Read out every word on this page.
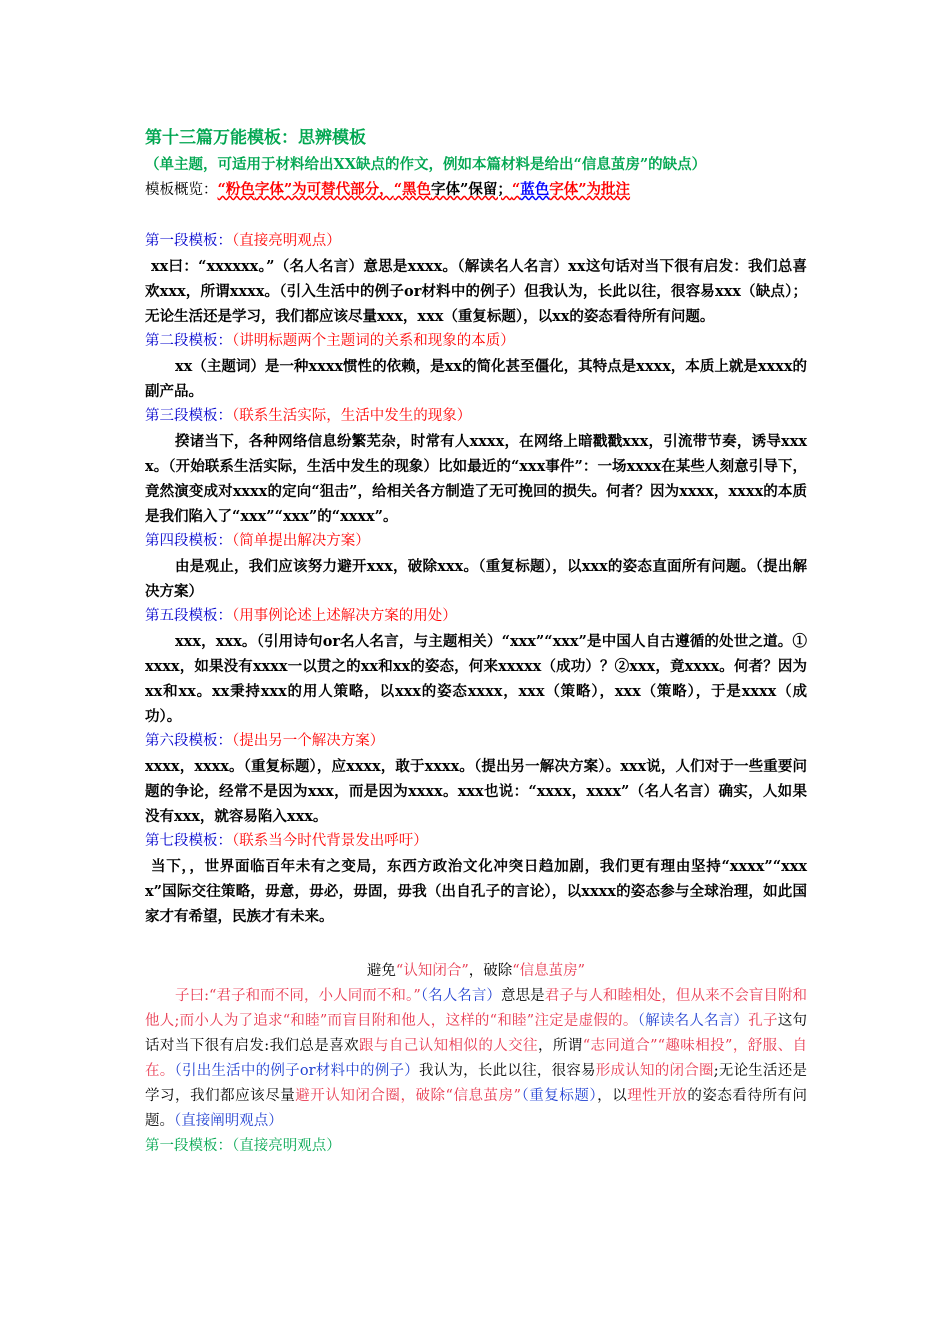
第十三篇万能模板：思辨模板

（单主题，可适用于材料给出XX缺点的作文，例如本篇材料是给出“信息茧房”的缺点）

模板概览：“粉色字体”为可替代部分，“黑色字体”保留；“蓝色字体”为批注

第一段模板：（直接亮明观点）

xx曰：“xxxxxx。”（名人名言）意思是xxxx。（解读名人名言）xx这句话对当下很有启发：我们总喜欢xxx，所谓xxxx。（引入生活中的例子or材料中的例子）但我认为，长此以往，很容易xxx（缺点）；无论生活还是学习，我们都应该尽量xxx，xxx（重复标题），以xx的姿态看待所有问题。

第二段模板：（讲明标题两个主题词的关系和现象的本质）

xx（主题词）是一种xxxx惯性的依赖，是xx的简化甚至僵化，其特点是xxxx，本质上就是xxxx的副产品。

第三段模板：（联系生活实际，生活中发生的现象）

揆诸当下，各种网络信息纷繁芜杂，时常有人xxxx，在网络上暗戳戳xxx，引流带节奏，诱导xxxx。（开始联系生活实际，生活中发生的现象）比如最近的“xxx事件”：一场xxxx在某些人刻意引导下，竟然演变成对xxxx的定向“狙击”，给相关各方制造了无可挽回的损失。何者？因为xxxx，xxxx的本质是我们陷入了“xxx”“xxx”的“xxxx”。

第四段模板：（简单提出解决方案）

由是观止，我们应该努力避开xxx，破除xxx。（重复标题），以xxx的姿态直面所有问题。（提出解决方案）

第五段模板：（用事例论述上述解决方案的用处）

xxx，xxx。（引用诗句or名人名言，与主题相关）“xxx”“xxx”是中国人自古遵循的处世之道。①xxxx，如果没有xxxx一以贯之的xx和xx的姿态，何来xxxxx（成功）？②xxx，竟xxxx。何者？因为xx和xx。xx秉持xxx的用人策略，以xxx的姿态xxxx，xxx（策略），xxx（策略），于是xxxx（成功）。

第六段模板：（提出另一个解决方案）

xxxx，xxxx。（重复标题），应xxxx，敢于xxxx。（提出另一解决方案）。xxx说，人们对于一些重要问题的争论，经常不是因为xxx，而是因为xxxx。xxx也说：“xxxx，xxxx”（名人名言）确实，人如果没有xxx，就容易陷入xxx。

第七段模板：（联系当今时代背景发出呼吁）

当下，，世界面临百年未有之变局，东西方政治文化冲突日趋加剧，我们更有理由坚持“xxxx”“xxxx”国际交往策略，毋意，毋必，毋固，毋我（出自孔子的言论），以xxxx的姿态参与全球治理，如此国家才有希望，民族才有未来。

避免“认知闭合”，破除“信息茧房”

子曰:“君子和而不同，小人同而不和。”（名人名言）意思是君子与人和睦相处，但从来不会盲目附和他人;而小人为了追求“和睦”而盲目附和他人，这样的“和睦”注定是虚假的。（解读名人名言）孔子这句话对当下很有启发:我们总是喜欢跟与自己认知相似的人交往，所谓“志同道合”“趣味相投”，舒服、自在。（引出生活中的例子or材料中的例子）我认为，长此以往，很容易形成认知的闭合圈;无论生活还是学习，我们都应该尽量避开认知闭合圈，破除“信息茧房”（重复标题），以理性开放的姿态看待所有问题。（直接阐明观点）

第一段模板：（直接亮明观点）
